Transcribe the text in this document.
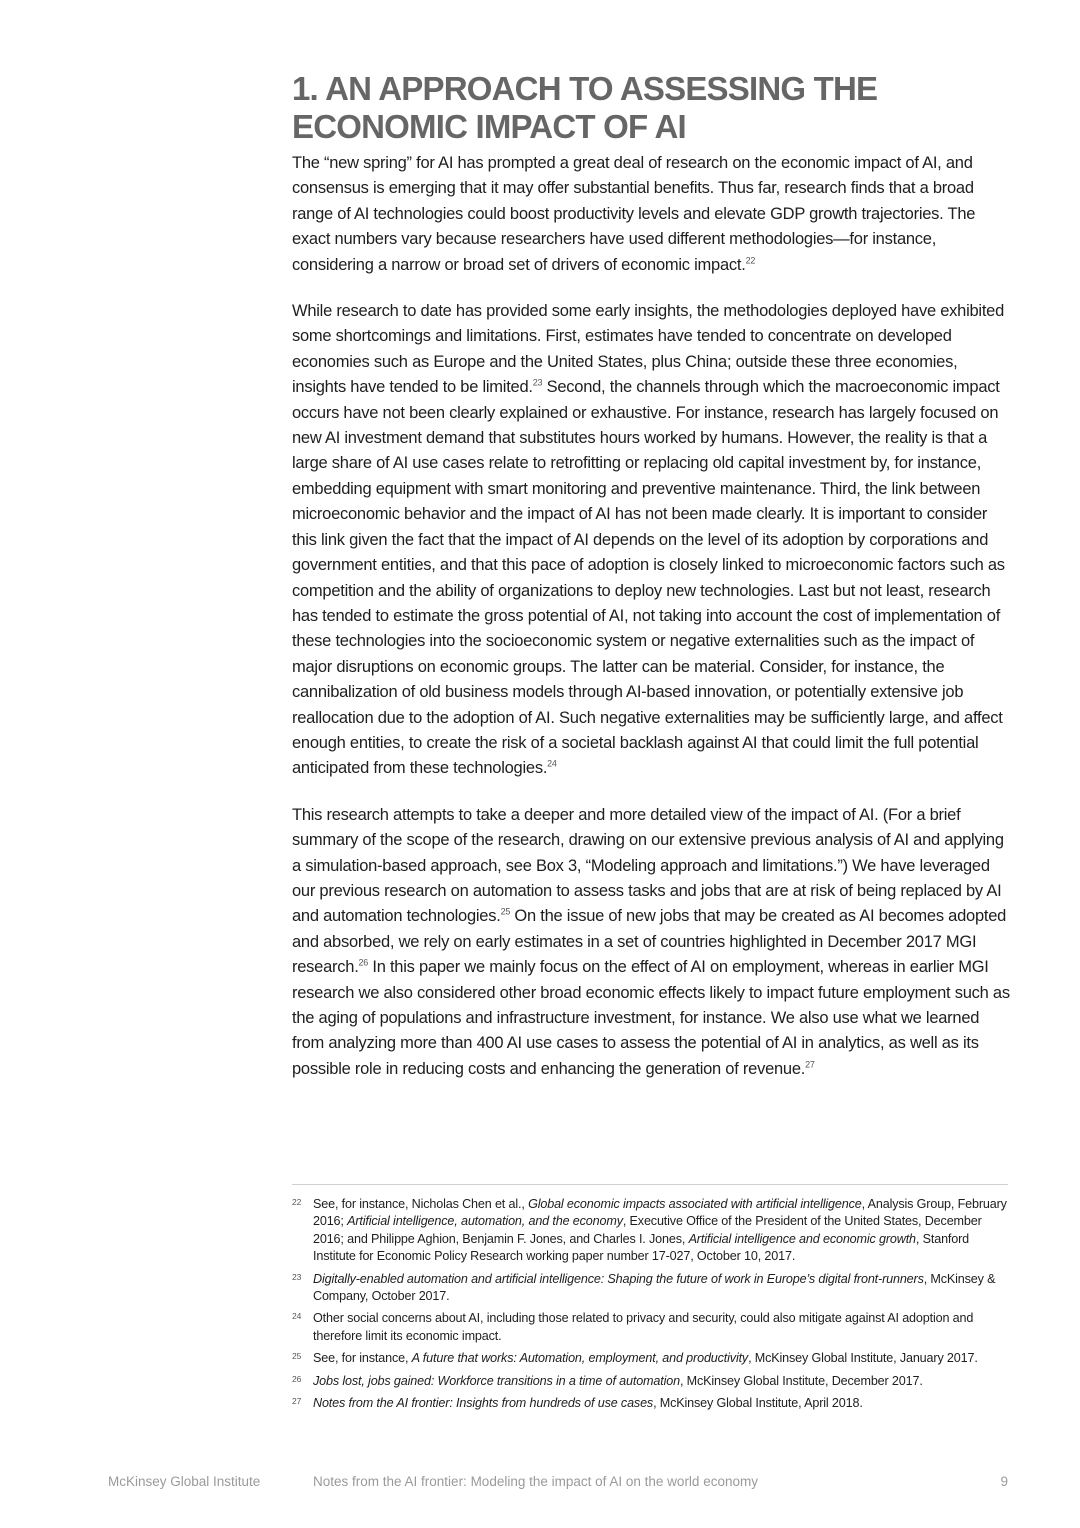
1. AN APPROACH TO ASSESSING THE
ECONOMIC IMPACT OF AI

The “new spring” for AI has prompted a great deal of research on the economic impact of AI, and consensus is emerging that it may offer substantial benefits. Thus far, research finds that a broad range of AI technologies could boost productivity levels and elevate GDP growth trajectories. The exact numbers vary because researchers have used different methodologies—for instance, considering a narrow or broad set of drivers of economic impact.$^{22}$

While research to date has provided some early insights, the methodologies deployed have exhibited some shortcomings and limitations. First, estimates have tended to concentrate on developed economies such as Europe and the United States, plus China; outside these three economies, insights have tended to be limited.$^{23}$ Second, the channels through which the macroeconomic impact occurs have not been clearly explained or exhaustive. For instance, research has largely focused on new AI investment demand that substitutes hours worked by humans. However, the reality is that a large share of AI use cases relate to retrofitting or replacing old capital investment by, for instance, embedding equipment with smart monitoring and preventive maintenance. Third, the link between microeconomic behavior and the impact of AI has not been made clearly. It is important to consider this link given the fact that the impact of AI depends on the level of its adoption by corporations and government entities, and that this pace of adoption is closely linked to microeconomic factors such as competition and the ability of organizations to deploy new technologies. Last but not least, research has tended to estimate the gross potential of AI, not taking into account the cost of implementation of these technologies into the socioeconomic system or negative externalities such as the impact of major disruptions on economic groups. The latter can be material. Consider, for instance, the cannibalization of old business models through AI-based innovation, or potentially extensive job reallocation due to the adoption of AI. Such negative externalities may be sufficiently large, and affect enough entities, to create the risk of a societal backlash against AI that could limit the full potential anticipated from these technologies.$^{24}$

This research attempts to take a deeper and more detailed view of the impact of AI. (For a brief summary of the scope of the research, drawing on our extensive previous analysis of AI and applying a simulation-based approach, see Box 3, “Modeling approach and limitations.”) We have leveraged our previous research on automation to assess tasks and jobs that are at risk of being replaced by AI and automation technologies.$^{25}$ On the issue of new jobs that may be created as AI becomes adopted and absorbed, we rely on early estimates in a set of countries highlighted in December 2017 MGI research.$^{26}$ In this paper we mainly focus on the effect of AI on employment, whereas in earlier MGI research we also considered other broad economic effects likely to impact future employment such as the aging of populations and infrastructure investment, for instance. We also use what we learned from analyzing more than 400 AI use cases to assess the potential of AI in analytics, as well as its possible role in reducing costs and enhancing the generation of revenue.$^{27}$

22 See, for instance, Nicholas Chen et al., Global economic impacts associated with artificial intelligence, Analysis Group, February 2016; Artificial intelligence, automation, and the economy, Executive Office of the President of the United States, December 2016; and Philippe Aghion, Benjamin F. Jones, and Charles I. Jones, Artificial intelligence and economic growth, Stanford Institute for Economic Policy Research working paper number 17-027, October 10, 2017.
23 Digitally-enabled automation and artificial intelligence: Shaping the future of work in Europe’s digital front-runners, McKinsey & Company, October 2017.
24 Other social concerns about AI, including those related to privacy and security, could also mitigate against AI adoption and therefore limit its economic impact.
25 See, for instance, A future that works: Automation, employment, and productivity, McKinsey Global Institute, January 2017.
26 Jobs lost, jobs gained: Workforce transitions in a time of automation, McKinsey Global Institute, December 2017.
27 Notes from the AI frontier: Insights from hundreds of use cases, McKinsey Global Institute, April 2018.
McKinsey Global Institute	Notes from the AI frontier: Modeling the impact of AI on the world economy	9
